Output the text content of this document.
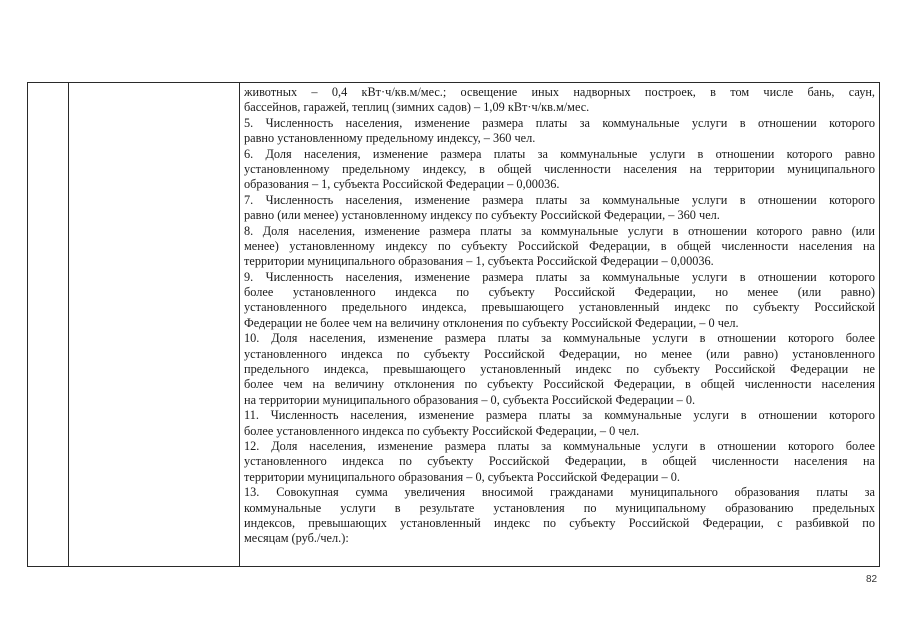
животных – 0,4 кВт·ч/кв.м/мес.; освещение иных надворных построек, в том числе бань, саун,
бассейнов, гаражей, теплиц (зимних садов) – 1,09 кВт·ч/кв.м/мес.
5. Численность населения, изменение размера платы за коммунальные услуги в отношении которого
равно установленному предельному индексу, – 360 чел.
6. Доля населения, изменение размера платы за коммунальные услуги в отношении которого равно
установленному предельному индексу, в общей численности населения на территории муниципального
образования – 1, субъекта Российской Федерации – 0,00036.
7. Численность населения, изменение размера платы за коммунальные услуги в отношении которого
равно (или менее) установленному индексу по субъекту Российской Федерации, – 360 чел.
8. Доля населения, изменение размера платы за коммунальные услуги в отношении которого равно (или
менее) установленному индексу по субъекту Российской Федерации, в общей численности населения на
территории муниципального образования – 1, субъекта Российской Федерации – 0,00036.
9. Численность населения, изменение размера платы за коммунальные услуги в отношении которого
более установленного индекса по субъекту Российской Федерации, но менее (или равно)
установленного предельного индекса, превышающего установленный индекс по субъекту Российской
Федерации не более чем на величину отклонения по субъекту Российской Федерации, – 0 чел.
10. Доля населения, изменение размера платы за коммунальные услуги в отношении которого более
установленного индекса по субъекту Российской Федерации, но менее (или равно) установленного
предельного индекса, превышающего установленный индекс по субъекту Российской Федерации не
более чем на величину отклонения по субъекту Российской Федерации, в общей численности населения
на территории муниципального образования – 0, субъекта Российской Федерации – 0.
11. Численность населения, изменение размера платы за коммунальные услуги в отношении которого
более установленного индекса по субъекту Российской Федерации, – 0 чел.
12. Доля населения, изменение размера платы за коммунальные услуги в отношении которого более
установленного индекса по субъекту Российской Федерации, в общей численности населения на
территории муниципального образования – 0, субъекта Российской Федерации – 0.
13. Совокупная сумма увеличения вносимой гражданами муниципального образования платы за
коммунальные услуги в результате установления по муниципальному образованию предельных
индексов, превышающих установленный индекс по субъекту Российской Федерации, с разбивкой по
месяцам (руб./чел.):
82
